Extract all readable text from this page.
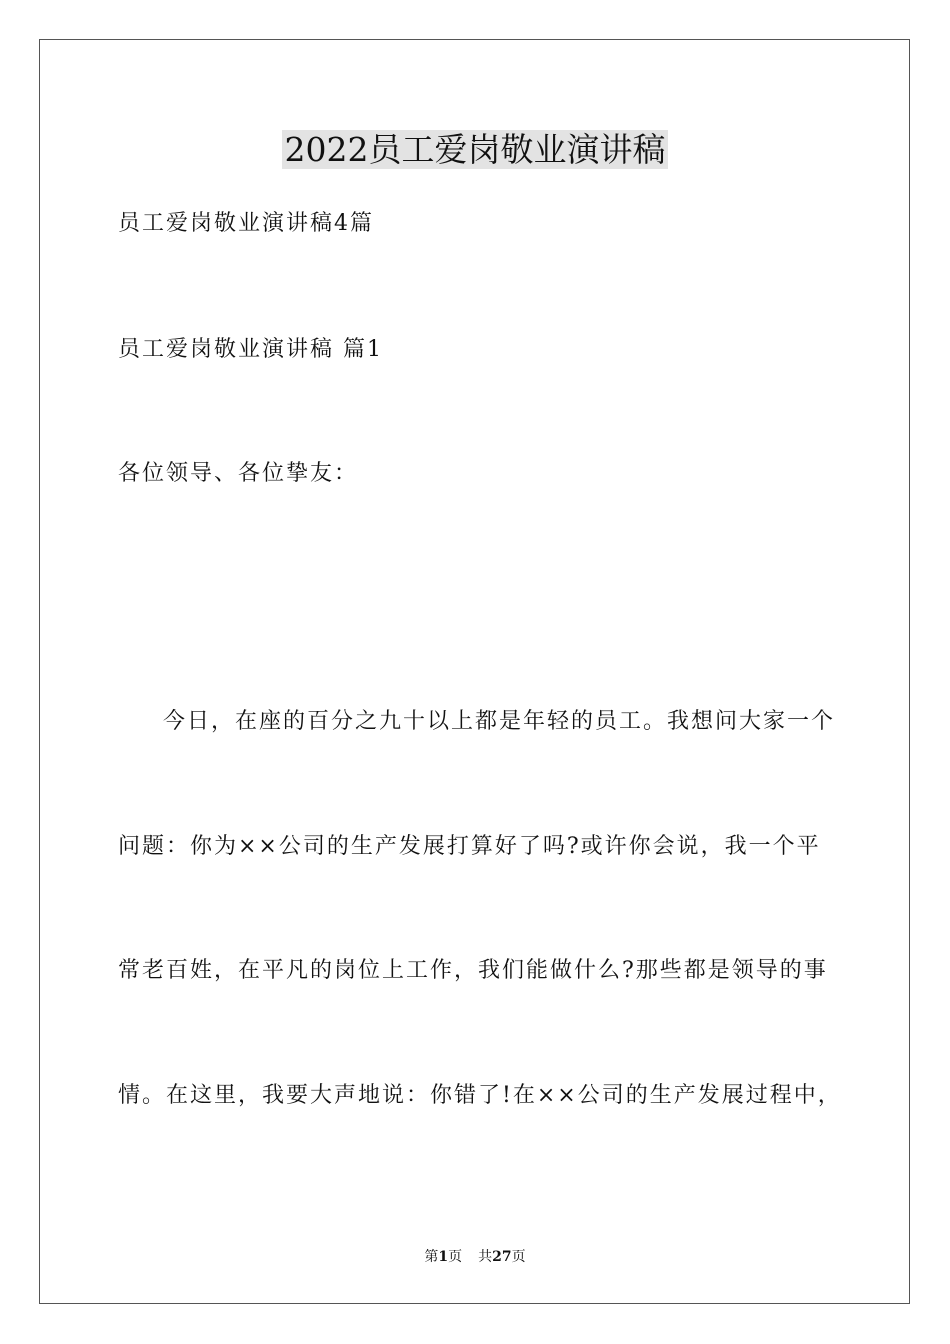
2022员工爱岗敬业演讲稿
员工爱岗敬业演讲稿4篇
员工爱岗敬业演讲稿 篇1
各位领导、各位挚友：
今日，在座的百分之九十以上都是年轻的员工。我想问大家一个
问题：你为××公司的生产发展打算好了吗?或许你会说，我一个平
常老百姓，在平凡的岗位上工作，我们能做什么?那些都是领导的事
情。在这里，我要大声地说：你错了!在××公司的生产发展过程中，
第1页 共27页
